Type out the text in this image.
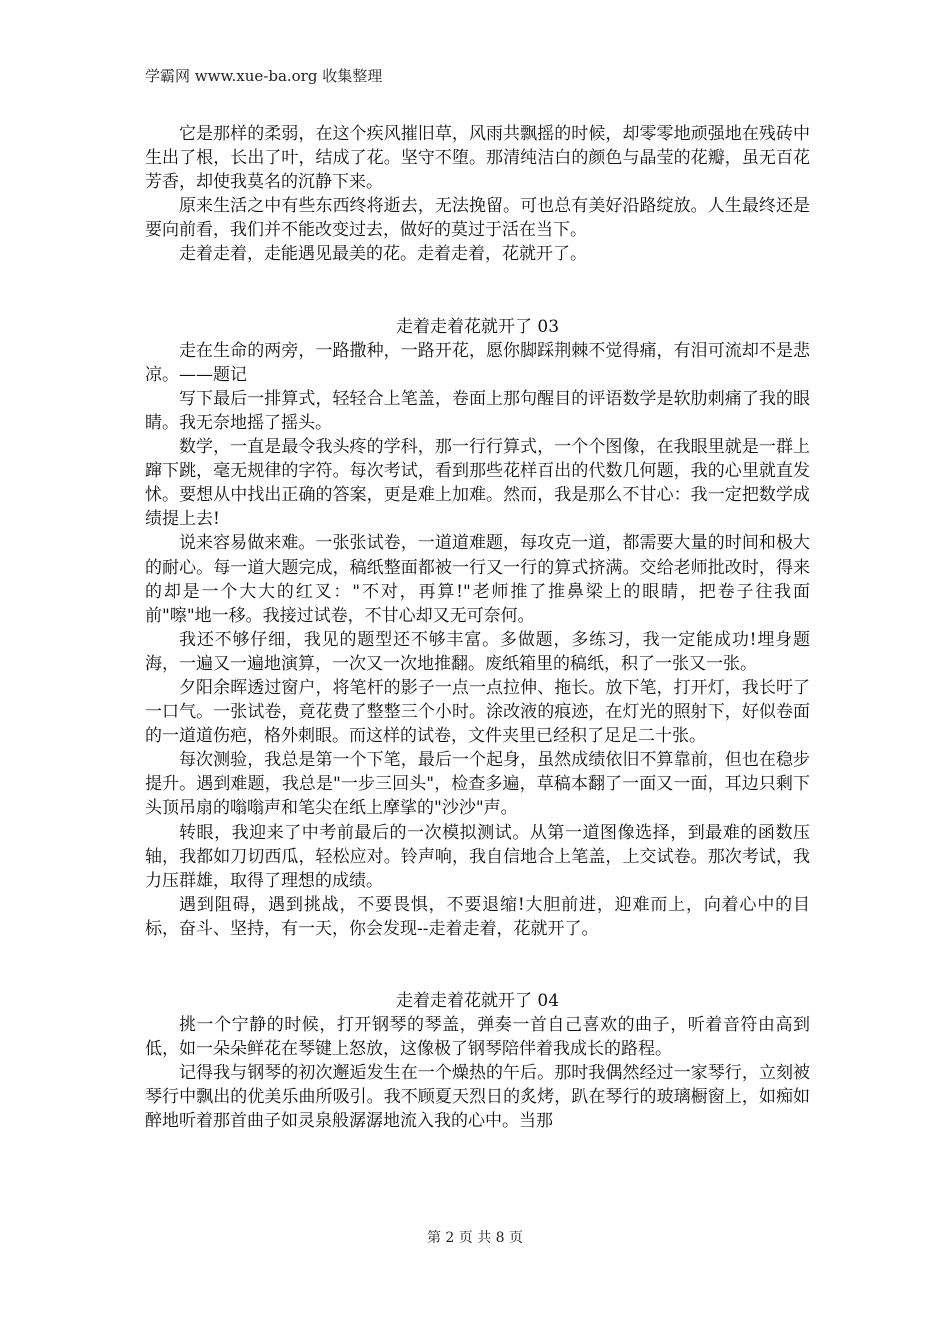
学霸网 www.xue-ba.org 收集整理

它是那样的柔弱，在这个疾风摧旧草，风雨共飘摇的时候，却零零地顽强地在残砖中生出了根，长出了叶，结成了花。坚守不堕。那清纯洁白的颜色与晶莹的花瓣，虽无百花芳香，却使我莫名的沉静下来。

原来生活之中有些东西终将逝去，无法挽留。可也总有美好沿路绽放。人生最终还是要向前看，我们并不能改变过去，做好的莫过于活在当下。

走着走着，走能遇见最美的花。走着走着，花就开了。

走着走着花就开了 03

走在生命的两旁，一路撒种，一路开花，愿你脚踩荆棘不觉得痛，有泪可流却不是悲凉。——题记

写下最后一排算式，轻轻合上笔盖，卷面上那句醒目的评语数学是软肋刺痛了我的眼睛。我无奈地摇了摇头。

数学，一直是最令我头疼的学科，那一行行算式，一个个图像，在我眼里就是一群上蹿下跳，毫无规律的字符。每次考试，看到那些花样百出的代数几何题，我的心里就直发怵。要想从中找出正确的答案，更是难上加难。然而，我是那么不甘心：我一定把数学成绩提上去!

说来容易做来难。一张张试卷，一道道难题，每攻克一道，都需要大量的时间和极大的耐心。每一道大题完成，稿纸整面都被一行又一行的算式挤满。交给老师批改时，得来的却是一个大大的红叉："不对，再算!"老师推了推鼻梁上的眼睛，把卷子往我面前"嚓"地一移。我接过试卷，不甘心却又无可奈何。

我还不够仔细，我见的题型还不够丰富。多做题，多练习，我一定能成功!埋身题海，一遍又一遍地演算，一次又一次地推翻。废纸箱里的稿纸，积了一张又一张。

夕阳余晖透过窗户，将笔杆的影子一点一点拉伸、拖长。放下笔，打开灯，我长吁了一口气。一张试卷，竟花费了整整三个小时。涂改液的痕迹，在灯光的照射下，好似卷面的一道道伤疤，格外刺眼。而这样的试卷，文件夹里已经积了足足二十张。

每次测验，我总是第一个下笔，最后一个起身，虽然成绩依旧不算靠前，但也在稳步提升。遇到难题，我总是"一步三回头"，检查多遍，草稿本翻了一面又一面，耳边只剩下头顶吊扇的嗡嗡声和笔尖在纸上摩挲的"沙沙"声。

转眼，我迎来了中考前最后的一次模拟测试。从第一道图像选择，到最难的函数压轴，我都如刀切西瓜，轻松应对。铃声响，我自信地合上笔盖，上交试卷。那次考试，我力压群雄，取得了理想的成绩。

遇到阻碍，遇到挑战，不要畏惧，不要退缩!大胆前进，迎难而上，向着心中的目标，奋斗、坚持，有一天，你会发现--走着走着，花就开了。

走着走着花就开了 04

挑一个宁静的时候，打开钢琴的琴盖，弹奏一首自己喜欢的曲子，听着音符由高到低，如一朵朵鲜花在琴键上怒放，这像极了钢琴陪伴着我成长的路程。

记得我与钢琴的初次邂逅发生在一个燥热的午后。那时我偶然经过一家琴行，立刻被琴行中飘出的优美乐曲所吸引。我不顾夏天烈日的炙烤，趴在琴行的玻璃橱窗上，如痴如醉地听着那首曲子如灵泉般潺潺地流入我的心中。当那

第 2 页 共 8 页
